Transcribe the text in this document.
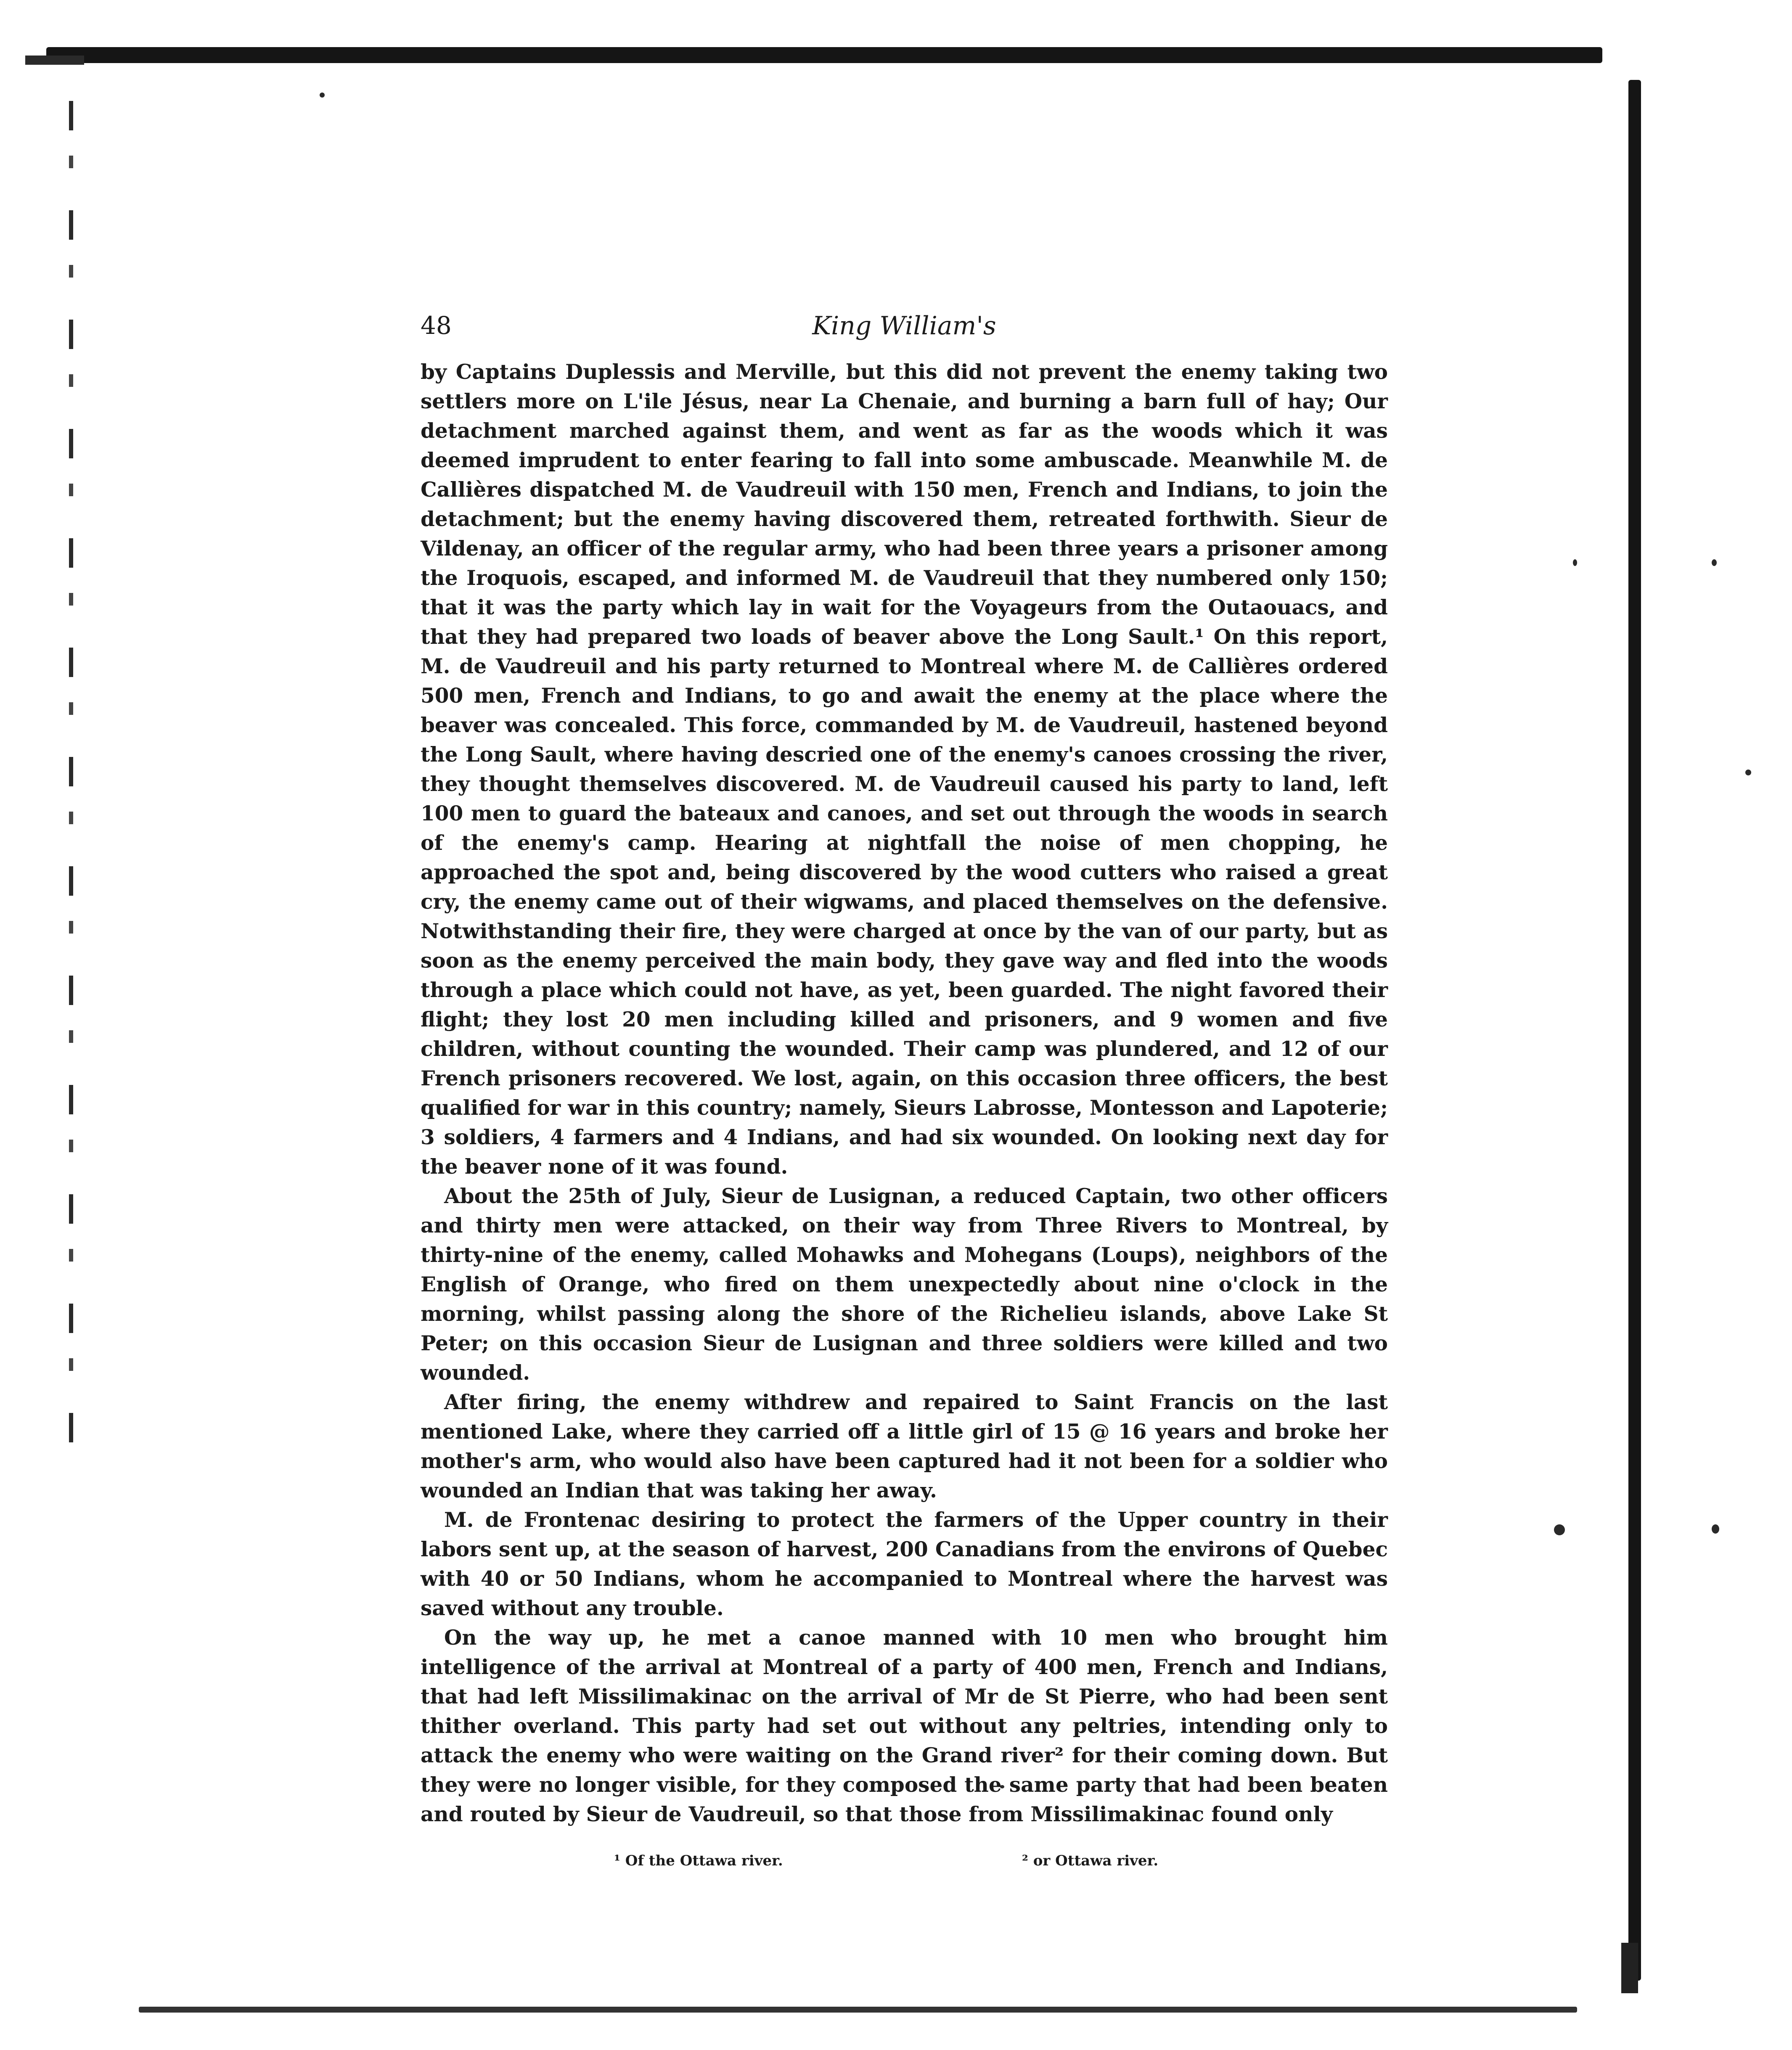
48	King William's

by Captains Duplessis and Merville, but this did not prevent the enemy taking two settlers more on L'ile Jésus, near La Chenaie, and burning a barn full of hay; Our detachment marched against them, and went as far as the woods which it was deemed imprudent to enter fearing to fall into some ambuscade. Meanwhile M. de Callières dispatched M. de Vaudreuil with 150 men, French and Indians, to join the detachment; but the enemy having discovered them, retreated forthwith. Sieur de Vildenay, an officer of the regular army, who had been three years a prisoner among the Iroquois, escaped, and informed M. de Vaudreuil that they numbered only 150; that it was the party which lay in wait for the Voyageurs from the Outaouacs, and that they had prepared two loads of beaver above the Long Sault.¹ On this report, M. de Vaudreuil and his party returned to Montreal where M. de Callières ordered 500 men, French and Indians, to go and await the enemy at the place where the beaver was concealed. This force, commanded by M. de Vaudreuil, hastened beyond the Long Sault, where having descried one of the enemy's canoes crossing the river, they thought themselves discovered. M. de Vaudreuil caused his party to land, left 100 men to guard the bateaux and canoes, and set out through the woods in search of the enemy's camp. Hearing at nightfall the noise of men chopping, he approached the spot and, being discovered by the wood cutters who raised a great cry, the enemy came out of their wigwams, and placed themselves on the defensive. Notwithstanding their fire, they were charged at once by the van of our party, but as soon as the enemy perceived the main body, they gave way and fled into the woods through a place which could not have, as yet, been guarded. The night favored their flight; they lost 20 men including killed and prisoners, and 9 women and five children, without counting the wounded. Their camp was plundered, and 12 of our French prisoners recovered. We lost, again, on this occasion three officers, the best qualified for war in this country; namely, Sieurs Labrosse, Montesson and Lapoterie; 3 soldiers, 4 farmers and 4 Indians, and had six wounded. On looking next day for the beaver none of it was found.

About the 25th of July, Sieur de Lusignan, a reduced Captain, two other officers and thirty men were attacked, on their way from Three Rivers to Montreal, by thirty-nine of the enemy, called Mohawks and Mohegans (Loups), neighbors of the English of Orange, who fired on them unexpectedly about nine o'clock in the morning, whilst passing along the shore of the Richelieu islands, above Lake St Peter; on this occasion Sieur de Lusignan and three soldiers were killed and two wounded.

After firing, the enemy withdrew and repaired to Saint Francis on the last mentioned Lake, where they carried off a little girl of 15 @ 16 years and broke her mother's arm, who would also have been captured had it not been for a soldier who wounded an Indian that was taking her away.

M. de Frontenac desiring to protect the farmers of the Upper country in their labors sent up, at the season of harvest, 200 Canadians from the environs of Quebec with 40 or 50 Indians, whom he accompanied to Montreal where the harvest was saved without any trouble.

On the way up, he met a canoe manned with 10 men who brought him intelligence of the arrival at Montreal of a party of 400 men, French and Indians, that had left Missilimakinac on the arrival of Mr de St Pierre, who had been sent thither overland. This party had set out without any peltries, intending only to attack the enemy who were waiting on the Grand river² for their coming down. But they were no longer visible, for they composed the same party that had been beaten and routed by Sieur de Vaudreuil, so that those from Missilimakinac found only

¹ Of the Ottawa river.	² or Ottawa river.
